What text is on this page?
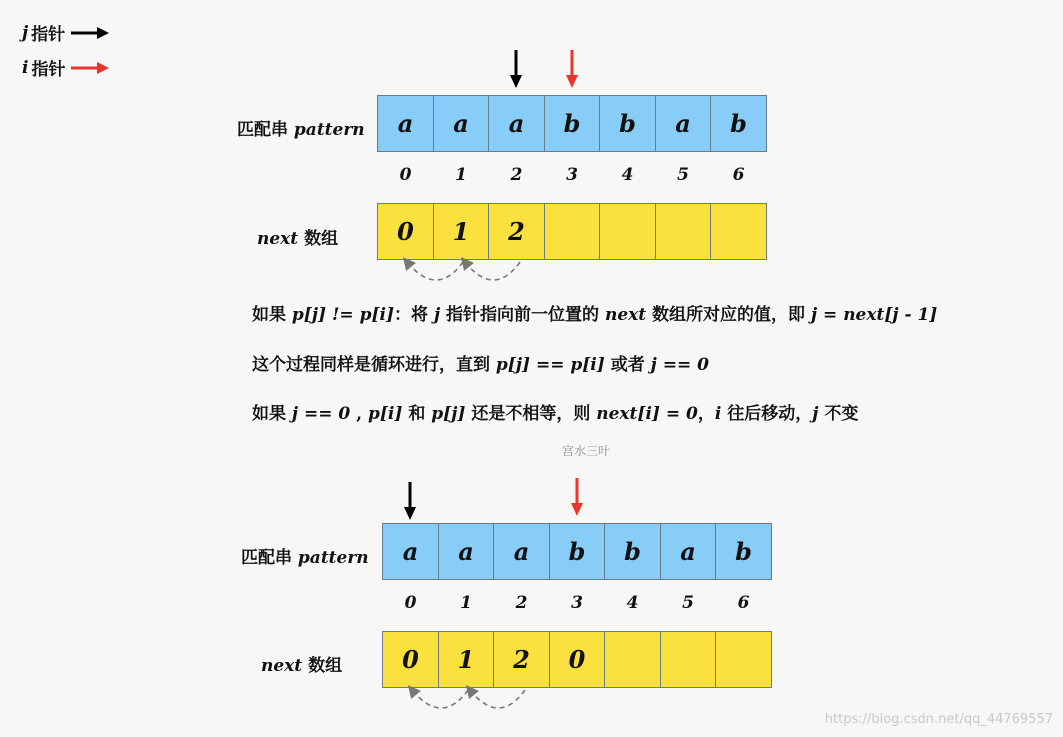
j 指针
i 指针
匹配串 pattern	a	a	a	b	b	a	b
0	1	2	3	4	5	6
next 数组	0	1	2
如果 p[j] != p[i]：将 j 指针指向前一位置的 next 数组所对应的值，即 j = next[j - 1]
这个过程同样是循环进行，直到 p[j] == p[i] 或者 j == 0
如果 j == 0 , p[i] 和 p[j] 还是不相等，则 next[i] = 0，i 往后移动，j 不变
宫水三叶
匹配串 pattern	a	a	a	b	b	a	b
0	1	2	3	4	5	6
next 数组	0	1	2	0
https://blog.csdn.net/qq_44769557
